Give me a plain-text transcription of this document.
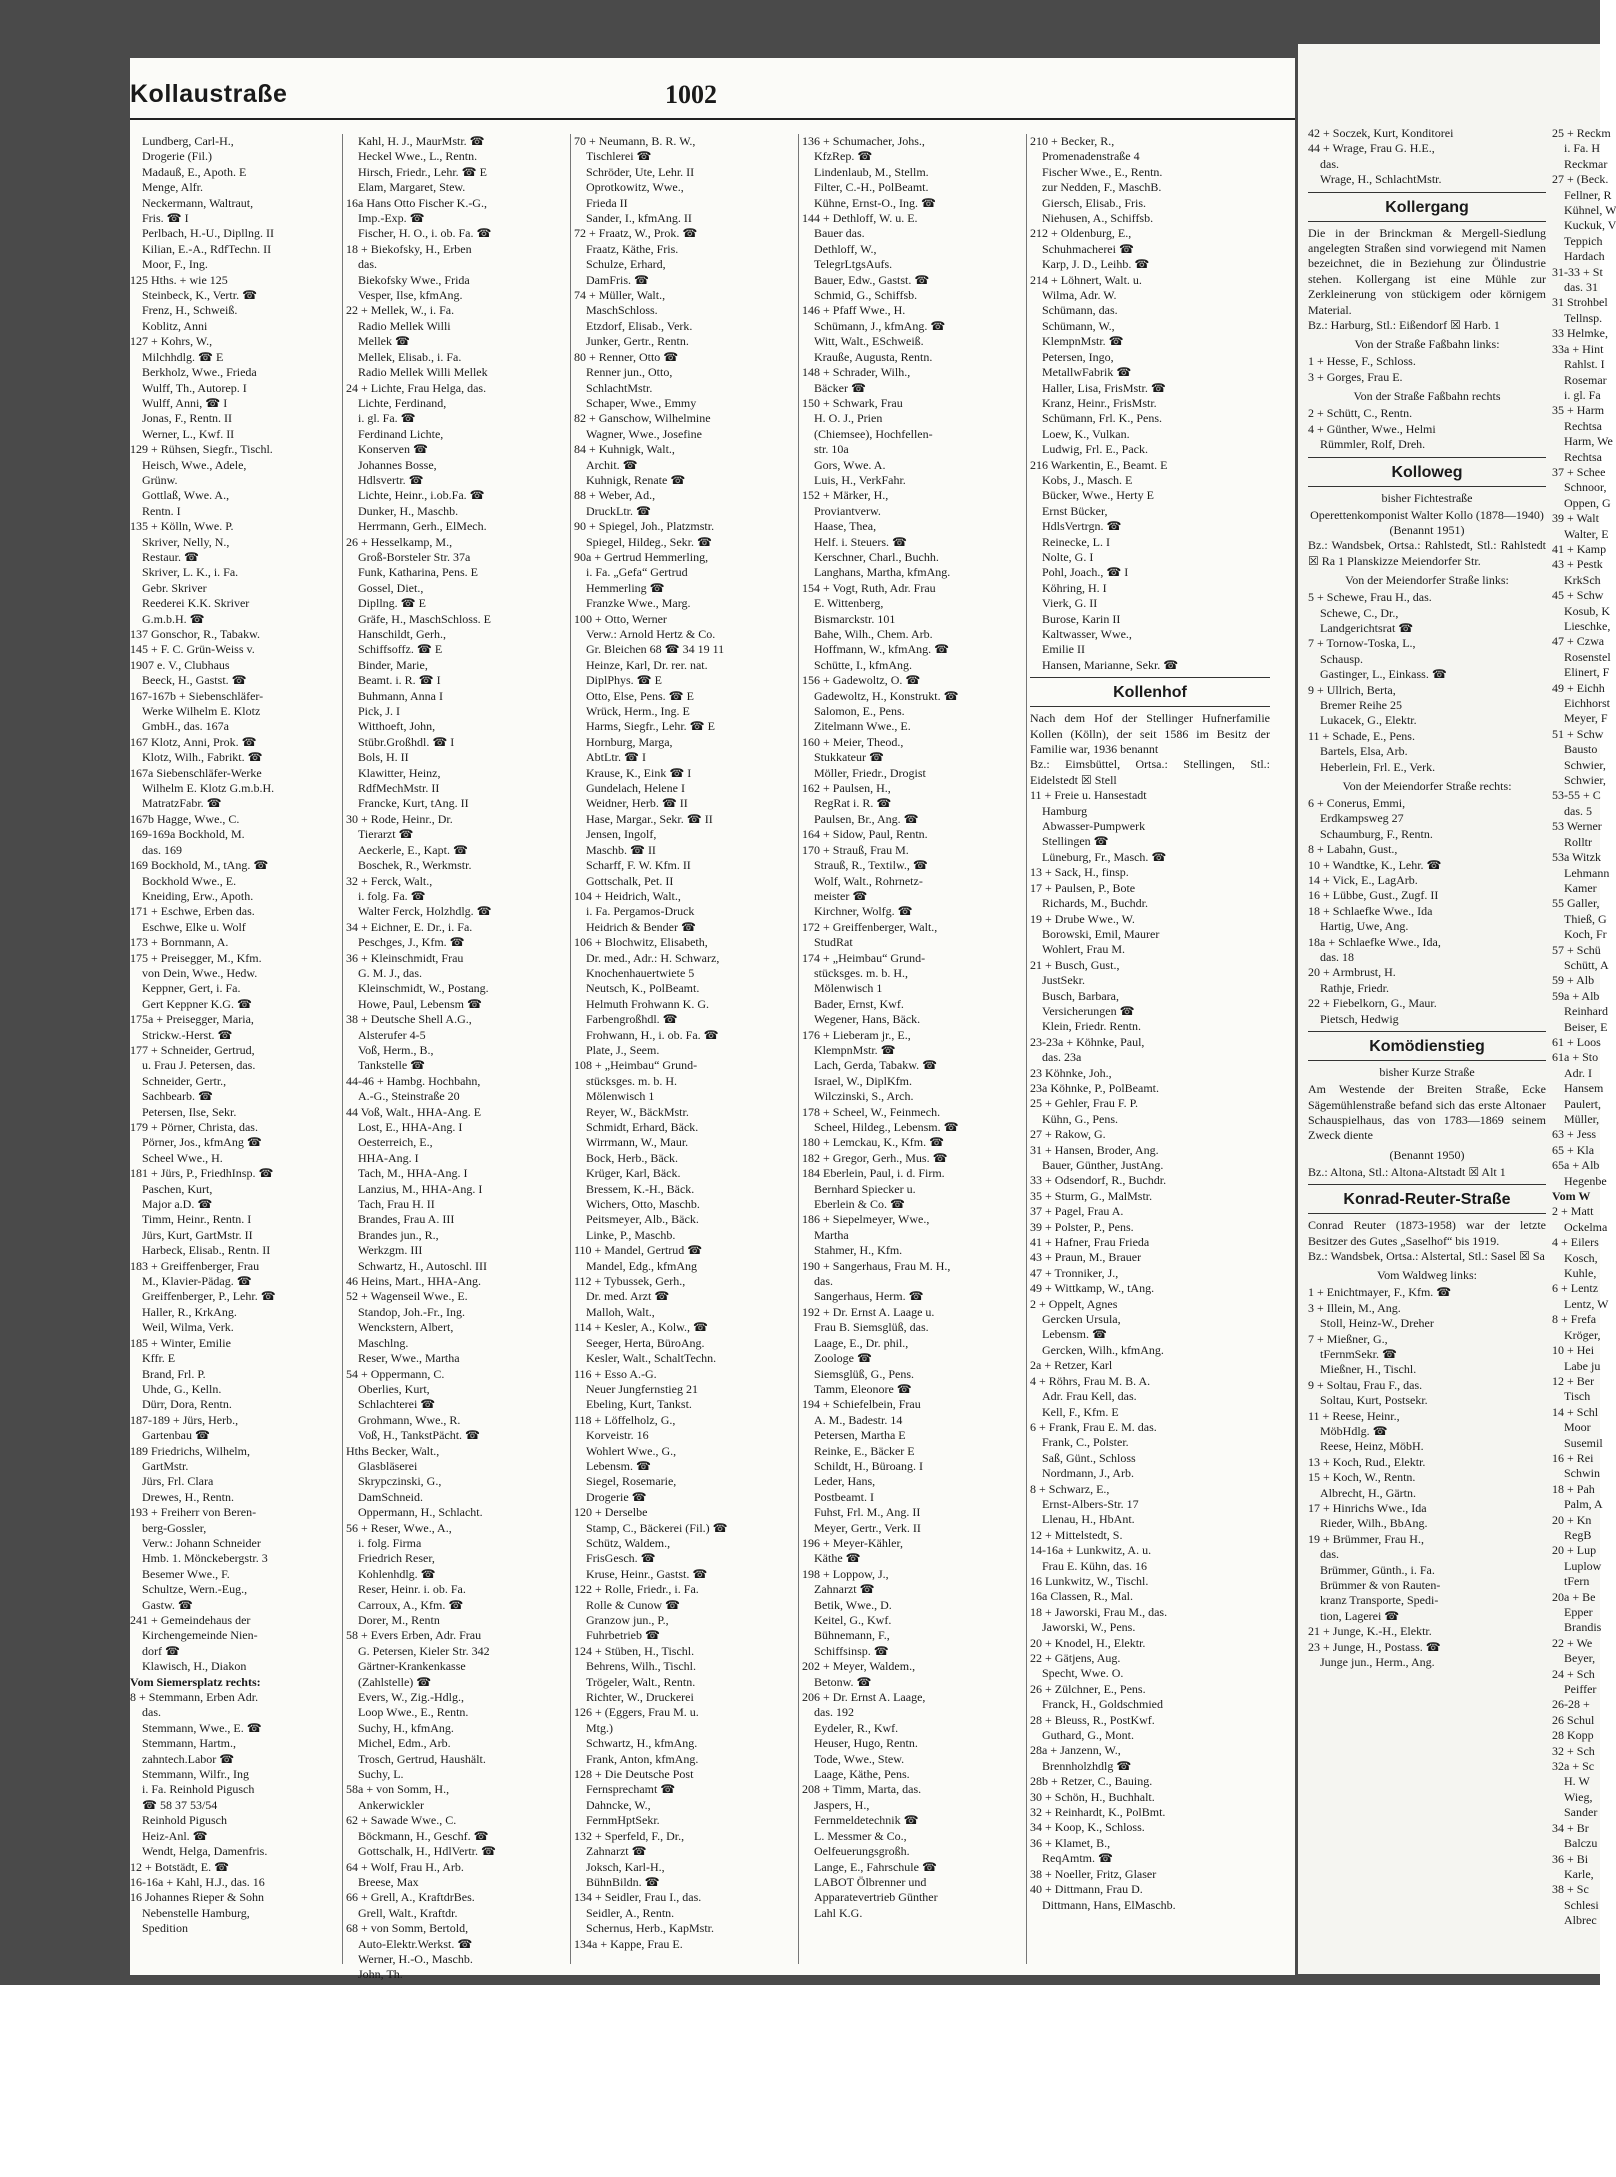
Kollaustraße	1002
Lundberg, Carl-H.,
Drogerie (Fil.)
Madauß, E., Apoth. E
Menge, Alfr.
Neckermann, Waltraut,
Fris. ☎ I
Perlbach, H.-U., Dipllng. II
Kilian, E.-A., RdfTechn. II
Moor, F., Ing.
125 Hths. + wie 125
Steinbeck, K., Vertr. ☎
Frenz, H., Schweiß.
Koblitz, Anni
127 + Kohrs, W.,
Milchhdlg. ☎ E
Berkholz, Wwe., Frieda
Wulff, Th., Autorep. I
Wulff, Anni, ☎ I
Jonas, F., Rentn. II
Werner, L., Kwf. II
129 + Rühsen, Siegfr., Tischl.
Heisch, Wwe., Adele,
Grünw.
Gottlaß, Wwe. A.,
Rentn. I
135 + Kölln, Wwe. P.
Skriver, Nelly, N.,
Restaur. ☎
Skriver, L. K., i. Fa.
Gebr. Skriver
Reederei K.K. Skriver
G.m.b.H. ☎
137 Gonschor, R., Tabakw.
145 + F. C. Grün-Weiss v.
1907 e. V., Clubhaus
Beeck, H., Gastst. ☎
167-167b + Siebenschläfer-
Werke Wilhelm E. Klotz
GmbH., das. 167a
167 Klotz, Anni, Prok. ☎
Klotz, Wilh., Fabrikt. ☎
167a Siebenschläfer-Werke
Wilhelm E. Klotz G.m.b.H.
MatratzFabr. ☎
167b Hagge, Wwe., C.
169-169a Bockhold, M.
das. 169
169 Bockhold, M., tAng. ☎
Bockhold Wwe., E.
Kneiding, Erw., Apoth.
171 + Eschwe, Erben das.
Eschwe, Elke u. Wolf
173 + Bornmann, A.
175 + Preisegger, M., Kfm.
von Dein, Wwe., Hedw.
Keppner, Gert, i. Fa.
Gert Keppner K.G. ☎
175a + Preisegger, Maria,
Strickw.-Herst. ☎
177 + Schneider, Gertrud,
u. Frau J. Petersen, das.
Schneider, Gertr.,
Sachbearb. ☎
Petersen, Ilse, Sekr.
179 + Pörner, Christa, das.
Pörner, Jos., kfmAng ☎
Scheel Wwe., H.
181 + Jürs, P., FriedhInsp. ☎
Paschen, Kurt,
Major a.D. ☎
Timm, Heinr., Rentn. I
Jürs, Kurt, GartMstr. II
Harbeck, Elisab., Rentn. II
183 + Greiffenberger, Frau
M., Klavier-Pädag. ☎
Greiffenberger, P., Lehr. ☎
Haller, R., KrkAng.
Weil, Wilma, Verk.
185 + Winter, Emilie
Kffr. E
Brand, Frl. P.
Uhde, G., Kelln.
Dürr, Dora, Rentn.
187-189 + Jürs, Herb.,
Gartenbau ☎
189 Friedrichs, Wilhelm,
GartMstr.
Jürs, Frl. Clara
Drewes, H., Rentn.
193 + Freiherr von Beren-
berg-Gossler,
Verw.: Johann Schneider
Hmb. 1. Mönckebergstr. 3
Besemer Wwe., F.
Schultze, Wern.-Eug.,
Gastw. ☎
241 + Gemeindehaus der
Kirchengemeinde Nien-
dorf ☎
Klawisch, H., Diakon
Vom Siemersplatz rechts:
8 + Stemmann, Erben Adr.
das.
Stemmann, Wwe., E. ☎
Stemmann, Hartm.,
zahntech.Labor ☎
Stemmann, Wilfr., Ing
i. Fa. Reinhold Pigusch
☎ 58 37 53/54
Reinhold Pigusch
Heiz-Anl. ☎
Wendt, Helga, Damenfris.
12 + Botstädt, E. ☎
16-16a + Kahl, H.J., das. 16
16 Johannes Rieper & Sohn
Nebenstelle Hamburg,
Spedition
Kahl, H. J., MaurMstr. ☎
Heckel Wwe., L., Rentn.
Hirsch, Friedr., Lehr. ☎ E
Elam, Margaret, Stew.
16a Hans Otto Fischer K.-G.,
Imp.-Exp. ☎
Fischer, H. O., i. ob. Fa. ☎
18 + Biekofsky, H., Erben
das.
Biekofsky Wwe., Frida
Vesper, Ilse, kfmAng.
22 + Mellek, W., i. Fa.
Radio Mellek Willi
Mellek ☎
Mellek, Elisab., i. Fa.
Radio Mellek Willi Mellek
24 + Lichte, Frau Helga, das.
Lichte, Ferdinand,
i. gl. Fa. ☎
Ferdinand Lichte,
Konserven ☎
Johannes Bosse,
Hdlsvertr. ☎
Lichte, Heinr., i.ob.Fa. ☎
Dunker, H., Maschb.
Herrmann, Gerh., ElMech.
26 + Hesselkamp, M.,
Groß-Borsteler Str. 37a
Funk, Katharina, Pens. E
Gossel, Diet.,
Dipllng. ☎ E
Gräfe, H., MaschSchloss. E
Hanschildt, Gerh.,
Schiffsoffz. ☎ E
Binder, Marie,
Beamt. i. R. ☎ I
Buhmann, Anna I
Pick, J. I
Witthoeft, John,
Stübr.Großhdl. ☎ I
Bols, H. II
Klawitter, Heinz,
RdfMechMstr. II
Francke, Kurt, tAng. II
30 + Rode, Heinr., Dr.
Tierarzt ☎
Aeckerle, E., Kapt. ☎
Boschek, R., Werkmstr.
32 + Ferck, Walt.,
i. folg. Fa. ☎
Walter Ferck, Holzhdlg. ☎
34 + Eichner, E. Dr., i. Fa.
Peschges, J., Kfm. ☎
36 + Kleinschmidt, Frau
G. M. J., das.
Kleinschmidt, W., Postang.
Howe, Paul, Lebensm ☎
38 + Deutsche Shell A.G.,
Alsterufer 4-5
Voß, Herm., B.,
Tankstelle ☎
44-46 + Hambg. Hochbahn,
A.-G., Steinstraße 20
44 Voß, Walt., HHA-Ang. E
Lost, E., HHA-Ang. I
Oesterreich, E.,
HHA-Ang. I
Tach, M., HHA-Ang. I
Lanzius, M., HHA-Ang. I
Tach, Frau H. II
Brandes, Frau A. III
Brandes jun., R.,
Werkzgm. III
Schwartz, H., Autoschl. III
46 Heins, Mart., HHA-Ang.
52 + Wagenseil Wwe., E.
Standop, Joh.-Fr., Ing.
Wenckstern, Albert,
Maschlng.
Reser, Wwe., Martha
54 + Oppermann, C.
Oberlies, Kurt,
Schlachterei ☎
Grohmann, Wwe., R.
Voß, H., TankstPächt. ☎
Hths Becker, Walt.,
Glasbläserei
Skrypczinski, G.,
DamSchneid.
Oppermann, H., Schlacht.
56 + Reser, Wwe., A.,
i. folg. Firma
Friedrich Reser,
Kohlenhdlg. ☎
Reser, Heinr. i. ob. Fa.
Carroux, A., Kfm. ☎
Dorer, M., Rentn
58 + Evers Erben, Adr. Frau
G. Petersen, Kieler Str. 342
Gärtner-Krankenkasse
(Zahlstelle) ☎
Evers, W., Zig.-Hdlg.,
Loop Wwe., E., Rentn.
Suchy, H., kfmAng.
Michel, Edm., Arb.
Trosch, Gertrud, Haushält.
Suchy, L.
58a + von Somm, H.,
Ankerwickler
62 + Sawade Wwe., C.
Böckmann, H., Geschf. ☎
Gottschalk, H., HdlVertr. ☎
64 + Wolf, Frau H., Arb.
Breese, Max
66 + Grell, A., KraftdrBes.
Grell, Walt., Kraftdr.
68 + von Somm, Bertold,
Auto-Elektr.Werkst. ☎
Werner, H.-O., Maschb.
John, Th.
70 + Neumann, B. R. W.,
Tischlerei ☎
Schröder, Ute, Lehr. II
Oprotkowitz, Wwe.,
Frieda II
Sander, I., kfmAng. II
72 + Fraatz, W., Prok. ☎
Fraatz, Käthe, Fris.
Schulze, Erhard,
DamFris. ☎
74 + Müller, Walt.,
MaschSchloss.
Etzdorf, Elisab., Verk.
Junker, Gertr., Rentn.
80 + Renner, Otto ☎
Renner jun., Otto,
SchlachtMstr.
Schaper, Wwe., Emmy
82 + Ganschow, Wilhelmine
Wagner, Wwe., Josefine
84 + Kuhnigk, Walt.,
Archit. ☎
Kuhnigk, Renate ☎
88 + Weber, Ad.,
DruckLtr. ☎
90 + Spiegel, Joh., Platzmstr.
Spiegel, Hildeg., Sekr. ☎
90a + Gertrud Hemmerling,
i. Fa. „Gefa“ Gertrud
Hemmerling ☎
Franzke Wwe., Marg.
100 + Otto, Werner
Verw.: Arnold Hertz & Co.
Gr. Bleichen 68 ☎ 34 19 11
Heinze, Karl, Dr. rer. nat.
DiplPhys. ☎ E
Otto, Else, Pens. ☎ E
Wrück, Herm., Ing. E
Harms, Siegfr., Lehr. ☎ E
Hornburg, Marga,
AbtLtr. ☎ I
Krause, K., Eink ☎ I
Gundelach, Helene I
Weidner, Herb. ☎ II
Hase, Margar., Sekr. ☎ II
Jensen, Ingolf,
Maschb. ☎ II
Scharff, F. W. Kfm. II
Gottschalk, Pet. II
104 + Heidrich, Walt.,
i. Fa. Pergamos-Druck
Heidrich & Bender ☎
106 + Blochwitz, Elisabeth,
Dr. med., Adr.: H. Schwarz,
Knochenhauertwiete 5
Neutsch, K., PolBeamt.
Helmuth Frohwann K. G.
Farbengroßhdl. ☎
Frohwann, H., i. ob. Fa. ☎
Plate, J., Seem.
108 + „Heimbau“ Grund-
stücksges. m. b. H.
Mölenwisch 1
Reyer, W., BäckMstr.
Schmidt, Erhard, Bäck.
Wirrmann, W., Maur.
Bock, Herb., Bäck.
Krüger, Karl, Bäck.
Bressem, K.-H., Bäck.
Wichers, Otto, Maschb.
Peitsmeyer, Alb., Bäck.
Linke, P., Maschb.
110 + Mandel, Gertrud ☎
Mandel, Edg., kfmAng
112 + Tybussek, Gerh.,
Dr. med. Arzt ☎
Malloh, Walt.,
114 + Kesler, A., Kolw., ☎
Seeger, Herta, BüroAng.
Kesler, Walt., SchaltTechn.
116 + Esso A.-G.
Neuer Jungfernstieg 21
Ebeling, Kurt, Tankst.
118 + Löffelholz, G.,
Korveistr. 16
Wohlert Wwe., G.,
Lebensm. ☎
Siegel, Rosemarie,
Drogerie ☎
120 + Derselbe
Stamp, C., Bäckerei (Fil.) ☎
Schütz, Waldem.,
FrisGesch. ☎
Kruse, Heinr., Gastst. ☎
122 + Rolle, Friedr., i. Fa.
Rolle & Cunow ☎
Granzow jun., P.,
Fuhrbetrieb ☎
124 + Stüben, H., Tischl.
Behrens, Wilh., Tischl.
Trögeler, Walt., Rentn.
Richter, W., Druckerei
126 + (Eggers, Frau M. u.
Mtg.)
Schwartz, H., kfmAng.
Frank, Anton, kfmAng.
128 + Die Deutsche Post
Fernsprechamt ☎
Dahncke, W.,
FernmHptSekr.
132 + Sperfeld, F., Dr.,
Zahnarzt ☎
Joksch, Karl-H.,
BühnBildn. ☎
134 + Seidler, Frau I., das.
Seidler, A., Rentn.
Schernus, Herb., KapMstr.
134a + Kappe, Frau E.
136 + Schumacher, Johs.,
KfzRep. ☎
Lindenlaub, M., Stellm.
Filter, C.-H., PolBeamt.
Kühne, Ernst-O., Ing. ☎
144 + Dethloff, W. u. E.
Bauer das.
Dethloff, W.,
TelegrLtgsAufs.
Bauer, Edw., Gastst. ☎
Schmid, G., Schiffsb.
146 + Pfaff Wwe., H.
Schümann, J., kfmAng. ☎
Witt, Walt., ESchweiß.
Krauße, Augusta, Rentn.
148 + Schrader, Wilh.,
Bäcker ☎
150 + Schwark, Frau
H. O. J., Prien
(Chiemsee), Hochfellen-
str. 10a
Gors, Wwe. A.
Luis, H., VerkFahr.
152 + Märker, H.,
Proviantverw.
Haase, Thea,
Helf. i. Steuers. ☎
Kerschner, Charl., Buchh.
Langhans, Martha, kfmAng.
154 + Vogt, Ruth, Adr. Frau
E. Wittenberg,
Bismarckstr. 101
Bahe, Wilh., Chem. Arb.
Hoffmann, W., kfmAng. ☎
Schütte, I., kfmAng.
156 + Gadewoltz, O. ☎
Gadewoltz, H., Konstrukt. ☎
Salomon, E., Pens.
Zitelmann Wwe., E.
160 + Meier, Theod.,
Stukkateur ☎
Möller, Friedr., Drogist
162 + Paulsen, H.,
RegRat i. R. ☎
Paulsen, Br., Ang. ☎
164 + Sidow, Paul, Rentn.
170 + Strauß, Frau M.
Strauß, R., Textilw., ☎
Wolf, Walt., Rohrnetz-
meister ☎
Kirchner, Wolfg. ☎
172 + Greiffenberger, Walt.,
StudRat
174 + „Heimbau“ Grund-
stücksges. m. b. H.,
Mölenwisch 1
Bader, Ernst, Kwf.
Wegener, Hans, Bäck.
176 + Lieberam jr., E.,
KlempnMstr. ☎
Lach, Gerda, Tabakw. ☎
Israel, W., DiplKfm.
Wilczinski, S., Arch.
178 + Scheel, W., Feinmech.
Scheel, Hildeg., Lebensm. ☎
180 + Lemckau, K., Kfm. ☎
182 + Gregor, Gerh., Mus. ☎
184 Eberlein, Paul, i. d. Firm.
Bernhard Spiecker u.
Eberlein & Co. ☎
186 + Siepelmeyer, Wwe.,
Martha
Stahmer, H., Kfm.
190 + Sangerhaus, Frau M. H.,
das.
Sangerhaus, Herm. ☎
192 + Dr. Ernst A. Laage u.
Frau B. Siemsglüß, das.
Laage, E., Dr. phil.,
Zoologe ☎
Siemsglüß, G., Pens.
Tamm, Eleonore ☎
194 + Schiefelbein, Frau
A. M., Badestr. 14
Petersen, Martha E
Reinke, E., Bäcker E
Schildt, H., Büroang. I
Leder, Hans,
Postbeamt. I
Fuhst, Frl. M., Ang. II
Meyer, Gertr., Verk. II
196 + Meyer-Kähler,
Käthe ☎
198 + Loppow, J.,
Zahnarzt ☎
Betik, Wwe., D.
Keitel, G., Kwf.
Bühnemann, F.,
Schiffsinsp. ☎
202 + Meyer, Waldem.,
Betonw. ☎
206 + Dr. Ernst A. Laage,
das. 192
Eydeler, R., Kwf.
Heuser, Hugo, Rentn.
Tode, Wwe., Stew.
Laage, Käthe, Pens.
208 + Timm, Marta, das.
Jaspers, H.,
Fernmeldetechnik ☎
L. Messmer & Co.,
Oelfeuerungsgroßh.
Lange, E., Fahrschule ☎
LABOT Ölbrenner und
Apparatevertrieb Günther
Lahl K.G.
210 + Becker, R.,
Promenadenstraße 4
Fischer Wwe., E., Rentn.
zur Nedden, F., MaschB.
Giersch, Elisab., Fris.
Niehusen, A., Schiffsb.
212 + Oldenburg, E.,
Schuhmacherei ☎
Karp, J. D., Leihb. ☎
214 + Löhnert, Walt. u.
Wilma, Adr. W.
Schümann, das.
Schümann, W.,
KlempnMstr. ☎
Petersen, Ingo,
MetallwFabrik ☎
Haller, Lisa, FrisMstr. ☎
Kranz, Heinr., FrisMstr.
Schümann, Frl. K., Pens.
Loew, K., Vulkan.
Ludwig, Frl. E., Pack.
216 Warkentin, E., Beamt. E
Kobs, J., Masch. E
Bücker, Wwe., Herty E
Ernst Bücker,
HdlsVertrgn. ☎
Reinecke, L. I
Nolte, G. I
Pohl, Joach., ☎ I
Köhring, H. I
Vierk, G. II
Burose, Karin II
Kaltwasser, Wwe.,
Emilie II
Hansen, Marianne, Sekr. ☎
Kollenhof
Nach dem Hof der Stellinger Hufnerfamilie Kollen (Kölln), der seit 1586 im Besitz der Familie war, 1936 benannt
Bz.: Eimsbüttel, Ortsa.: Stellingen, Stl.: Eidelstedt ☒ Stell
11 + Freie u. Hansestadt
Hamburg
Abwasser-Pumpwerk
Stellingen ☎
Lüneburg, Fr., Masch. ☎
13 + Sack, H., finsp.
17 + Paulsen, P., Bote
Richards, M., Buchdr.
19 + Drube Wwe., W.
Borowski, Emil, Maurer
Wohlert, Frau M.
21 + Busch, Gust.,
JustSekr.
Busch, Barbara,
Versicherungen ☎
Klein, Friedr. Rentn.
23-23a + Köhnke, Paul,
das. 23a
23 Köhnke, Joh.,
23a Köhnke, P., PolBeamt.
25 + Gehler, Frau F. P.
Kühn, G., Pens.
27 + Rakow, G.
31 + Hansen, Broder, Ang.
Bauer, Günther, JustAng.
33 + Odsendorf, R., Buchdr.
35 + Sturm, G., MalMstr.
37 + Pagel, Frau A.
39 + Polster, P., Pens.
41 + Hafner, Frau Frieda
43 + Praun, M., Brauer
47 + Tronniker, J.,
49 + Wittkamp, W., tAng.
2 + Oppelt, Agnes
Gercken Ursula,
Lebensm. ☎
Gercken, Wilh., kfmAng.
2a + Retzer, Karl
4 + Röhrs, Frau M. B. A.
Adr. Frau Kell, das.
Kell, F., Kfm. E
6 + Frank, Frau E. M. das.
Frank, C., Polster.
Saß, Günt., Schloss
Nordmann, J., Arb.
8 + Schwarz, E.,
Ernst-Albers-Str. 17
Llenau, H., HbAnt.
12 + Mittelstedt, S.
14-16a + Lunkwitz, A. u.
Frau E. Kühn, das. 16
16 Lunkwitz, W., Tischl.
16a Classen, R., Mal.
18 + Jaworski, Frau M., das.
Jaworski, W., Pens.
20 + Knodel, H., Elektr.
22 + Gätjens, Aug.
Specht, Wwe. O.
26 + Zülchner, E., Pens.
Franck, H., Goldschmied
28 + Bleuss, R., PostKwf.
Guthard, G., Mont.
28a + Janzenn, W.,
Brennholzhdlg ☎
28b + Retzer, C., Bauing.
30 + Schön, H., Buchhalt.
32 + Reinhardt, K., PolBmt.
34 + Koop, K., Schloss.
36 + Klamet, B.,
ReqAmtm. ☎
38 + Noeller, Fritz, Glaser
40 + Dittmann, Frau D.
Dittmann, Hans, ElMaschb.
42 + Soczek, Kurt, Konditorei
44 + Wrage, Frau G. H.E.,
das.
Wrage, H., SchlachtMstr.
Kollergang
Die in der Brinckman & Mergell-Siedlung angelegten Straßen sind vorwiegend mit Namen bezeichnet, die in Beziehung zur Ölindustrie stehen. Kollergang ist eine Mühle zur Zerkleinerung von stückigem oder körnigem Material.
Bz.: Harburg, Stl.: Eißendorf ☒ Harb. 1
Von der Straße Faßbahn links:
1 + Hesse, F., Schloss.
3 + Gorges, Frau E.
Von der Straße Faßbahn rechts
2 + Schütt, C., Rentn.
4 + Günther, Wwe., Helmi
Rümmler, Rolf, Dreh.
Kolloweg
bisher Fichtestraße
Operettenkomponist Walter Kollo (1878—1940) (Benannt 1951)
Bz.: Wandsbek, Ortsa.: Rahlstedt, Stl.: Rahlstedt ☒ Ra 1 Planskizze Meiendorfer Str.
Von der Meiendorfer Straße links:
5 + Schewe, Frau H., das.
Schewe, C., Dr.,
Landgerichtsrat ☎
7 + Tornow-Toska, L.,
Schausp.
Gastinger, L., Einkass. ☎
9 + Ullrich, Berta,
Bremer Reihe 25
Lukacek, G., Elektr.
11 + Schade, E., Pens.
Bartels, Elsa, Arb.
Heberlein, Frl. E., Verk.
Von der Meiendorfer Straße rechts:
6 + Conerus, Emmi,
Erdkampsweg 27
Schaumburg, F., Rentn.
8 + Labahn, Gust.,
10 + Wandtke, K., Lehr. ☎
14 + Vick, E., LagArb.
16 + Lübbe, Gust., Zugf. II
18 + Schlaefke Wwe., Ida
Hartig, Uwe, Ang.
18a + Schlaefke Wwe., Ida,
das. 18
20 + Armbrust, H.
Rathje, Friedr.
22 + Fiebelkorn, G., Maur.
Pietsch, Hedwig
Komödienstieg
bisher Kurze Straße
Am Westende der Breiten Straße, Ecke Sägemühlenstraße befand sich das erste Altonaer Schauspielhaus, das von 1783—1869 seinem Zweck diente
(Benannt 1950)
Bz.: Altona, Stl.: Altona-Altstadt ☒ Alt 1
Konrad-Reuter-Straße
Conrad Reuter (1873-1958) war der letzte Besitzer des Gutes „Saselhof“ bis 1919.
Bz.: Wandsbek, Ortsa.: Alstertal, Stl.: Sasel ☒ Sa
Vom Waldweg links:
1 + Enichtmayer, F., Kfm. ☎
3 + Illein, M., Ang.
Stoll, Heinz-W., Dreher
7 + Mießner, G.,
tFernmSekr. ☎
Mießner, H., Tischl.
9 + Soltau, Frau F., das.
Soltau, Kurt, Postsekr.
11 + Reese, Heinr.,
MöbHdlg. ☎
Reese, Heinz, MöbH.
13 + Koch, Rud., Elektr.
15 + Koch, W., Rentn.
Albrecht, H., Gärtn.
17 + Hinrichs Wwe., Ida
Rieder, Wilh., BbAng.
19 + Brümmer, Frau H.,
das.
Brümmer, Günth., i. Fa.
Brümmer & von Rauten-
kranz Transporte, Spedi-
tion, Lagerei ☎
21 + Junge, K.-H., Elektr.
23 + Junge, H., Postass. ☎
Junge jun., Herm., Ang.
25 + Reckm
i. Fa. H
Reckmar
27 + (Beck.
Fellner, R
Kühnel, W
Kuckuk, V
Teppich
Hardach
31-33 + St
das. 31
31 Strohbel
Tellnsp.
33 Helmke,
33a + Hint
Rahlst. I
Rosemar
i. gl. Fa
35 + Harm
Rechtsa
Harm, We
Rechtsa
37 + Schee
Schnoor,
Oppen, G
39 + Walt
Walter, E
41 + Kamp
43 + Pestk
KrkSch
45 + Schw
Kosub, K
Lieschke,
47 + Czwa
Rosenstel
Elinert, F
49 + Eichh
Eichhorst
Meyer, F
51 + Schw
Bausto
Schwier,
Schwier,
53-55 + C
das. 5
53 Werner
Rolltr
53a Witzk
Lehmann
Kamer
55 Galler,
Thieß, G
Koch, Fr
57 + Schü
Schütt, A
59 + Alb
59a + Alb
Reinhard
Beiser, E
61 + Loos
61a + Sto
Adr. I
Hansem
Paulert,
Müller,
63 + Jess
65 + Kla
65a + Alb
Hegenbe
Vom W
2 + Matt
Ockelma
4 + Eilers
Kosch,
Kuhle,
6 + Lentz
Lentz, W
8 + Frefa
Kröger,
10 + Hei
Labe ju
12 + Ber
Tisch
14 + Schl
Moor
Susemil
16 + Rei
Schwin
18 + Pah
Palm, A
20 + Kn
RegB
20 + Lup
Luplow
tFern
20a + Be
Epper
Brandis
22 + We
Beyer,
24 + Sch
Peiffer
26-28 +
26 Schul
28 Kopp
32 + Sch
32a + Sc
H. W
Wieg,
Sander
34 + Br
Balczu
36 + Bi
Karle,
38 + Sc
Schlesi
Albrec
